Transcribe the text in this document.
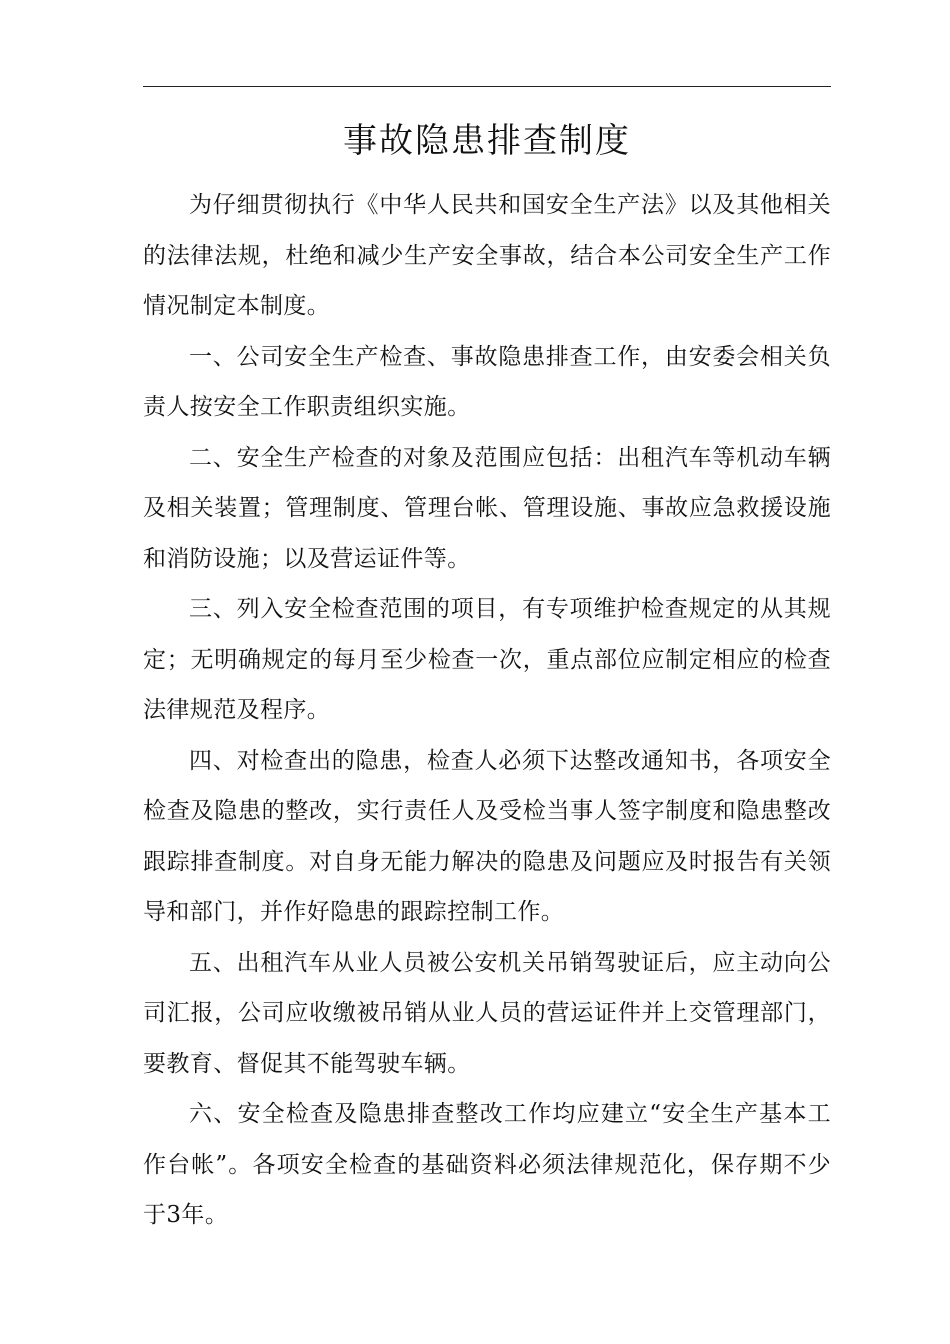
事故隐患排查制度

为仔细贯彻执行《中华人民共和国安全生产法》以及其他相关的法律法规，杜绝和减少生产安全事故，结合本公司安全生产工作情况制定本制度。

一、公司安全生产检查、事故隐患排查工作，由安委会相关负责人按安全工作职责组织实施。

二、安全生产检查的对象及范围应包括：出租汽车等机动车辆及相关装置；管理制度、管理台帐、管理设施、事故应急救援设施和消防设施；以及营运证件等。

三、列入安全检查范围的项目，有专项维护检查规定的从其规定；无明确规定的每月至少检查一次，重点部位应制定相应的检查法律规范及程序。

四、对检查出的隐患，检查人必须下达整改通知书，各项安全检查及隐患的整改，实行责任人及受检当事人签字制度和隐患整改跟踪排查制度。对自身无能力解决的隐患及问题应及时报告有关领导和部门，并作好隐患的跟踪控制工作。

五、出租汽车从业人员被公安机关吊销驾驶证后，应主动向公司汇报，公司应收缴被吊销从业人员的营运证件并上交管理部门，要教育、督促其不能驾驶车辆。

六、安全检查及隐患排查整改工作均应建立“安全生产基本工作台帐”。各项安全检查的基础资料必须法律规范化，保存期不少于3年。
